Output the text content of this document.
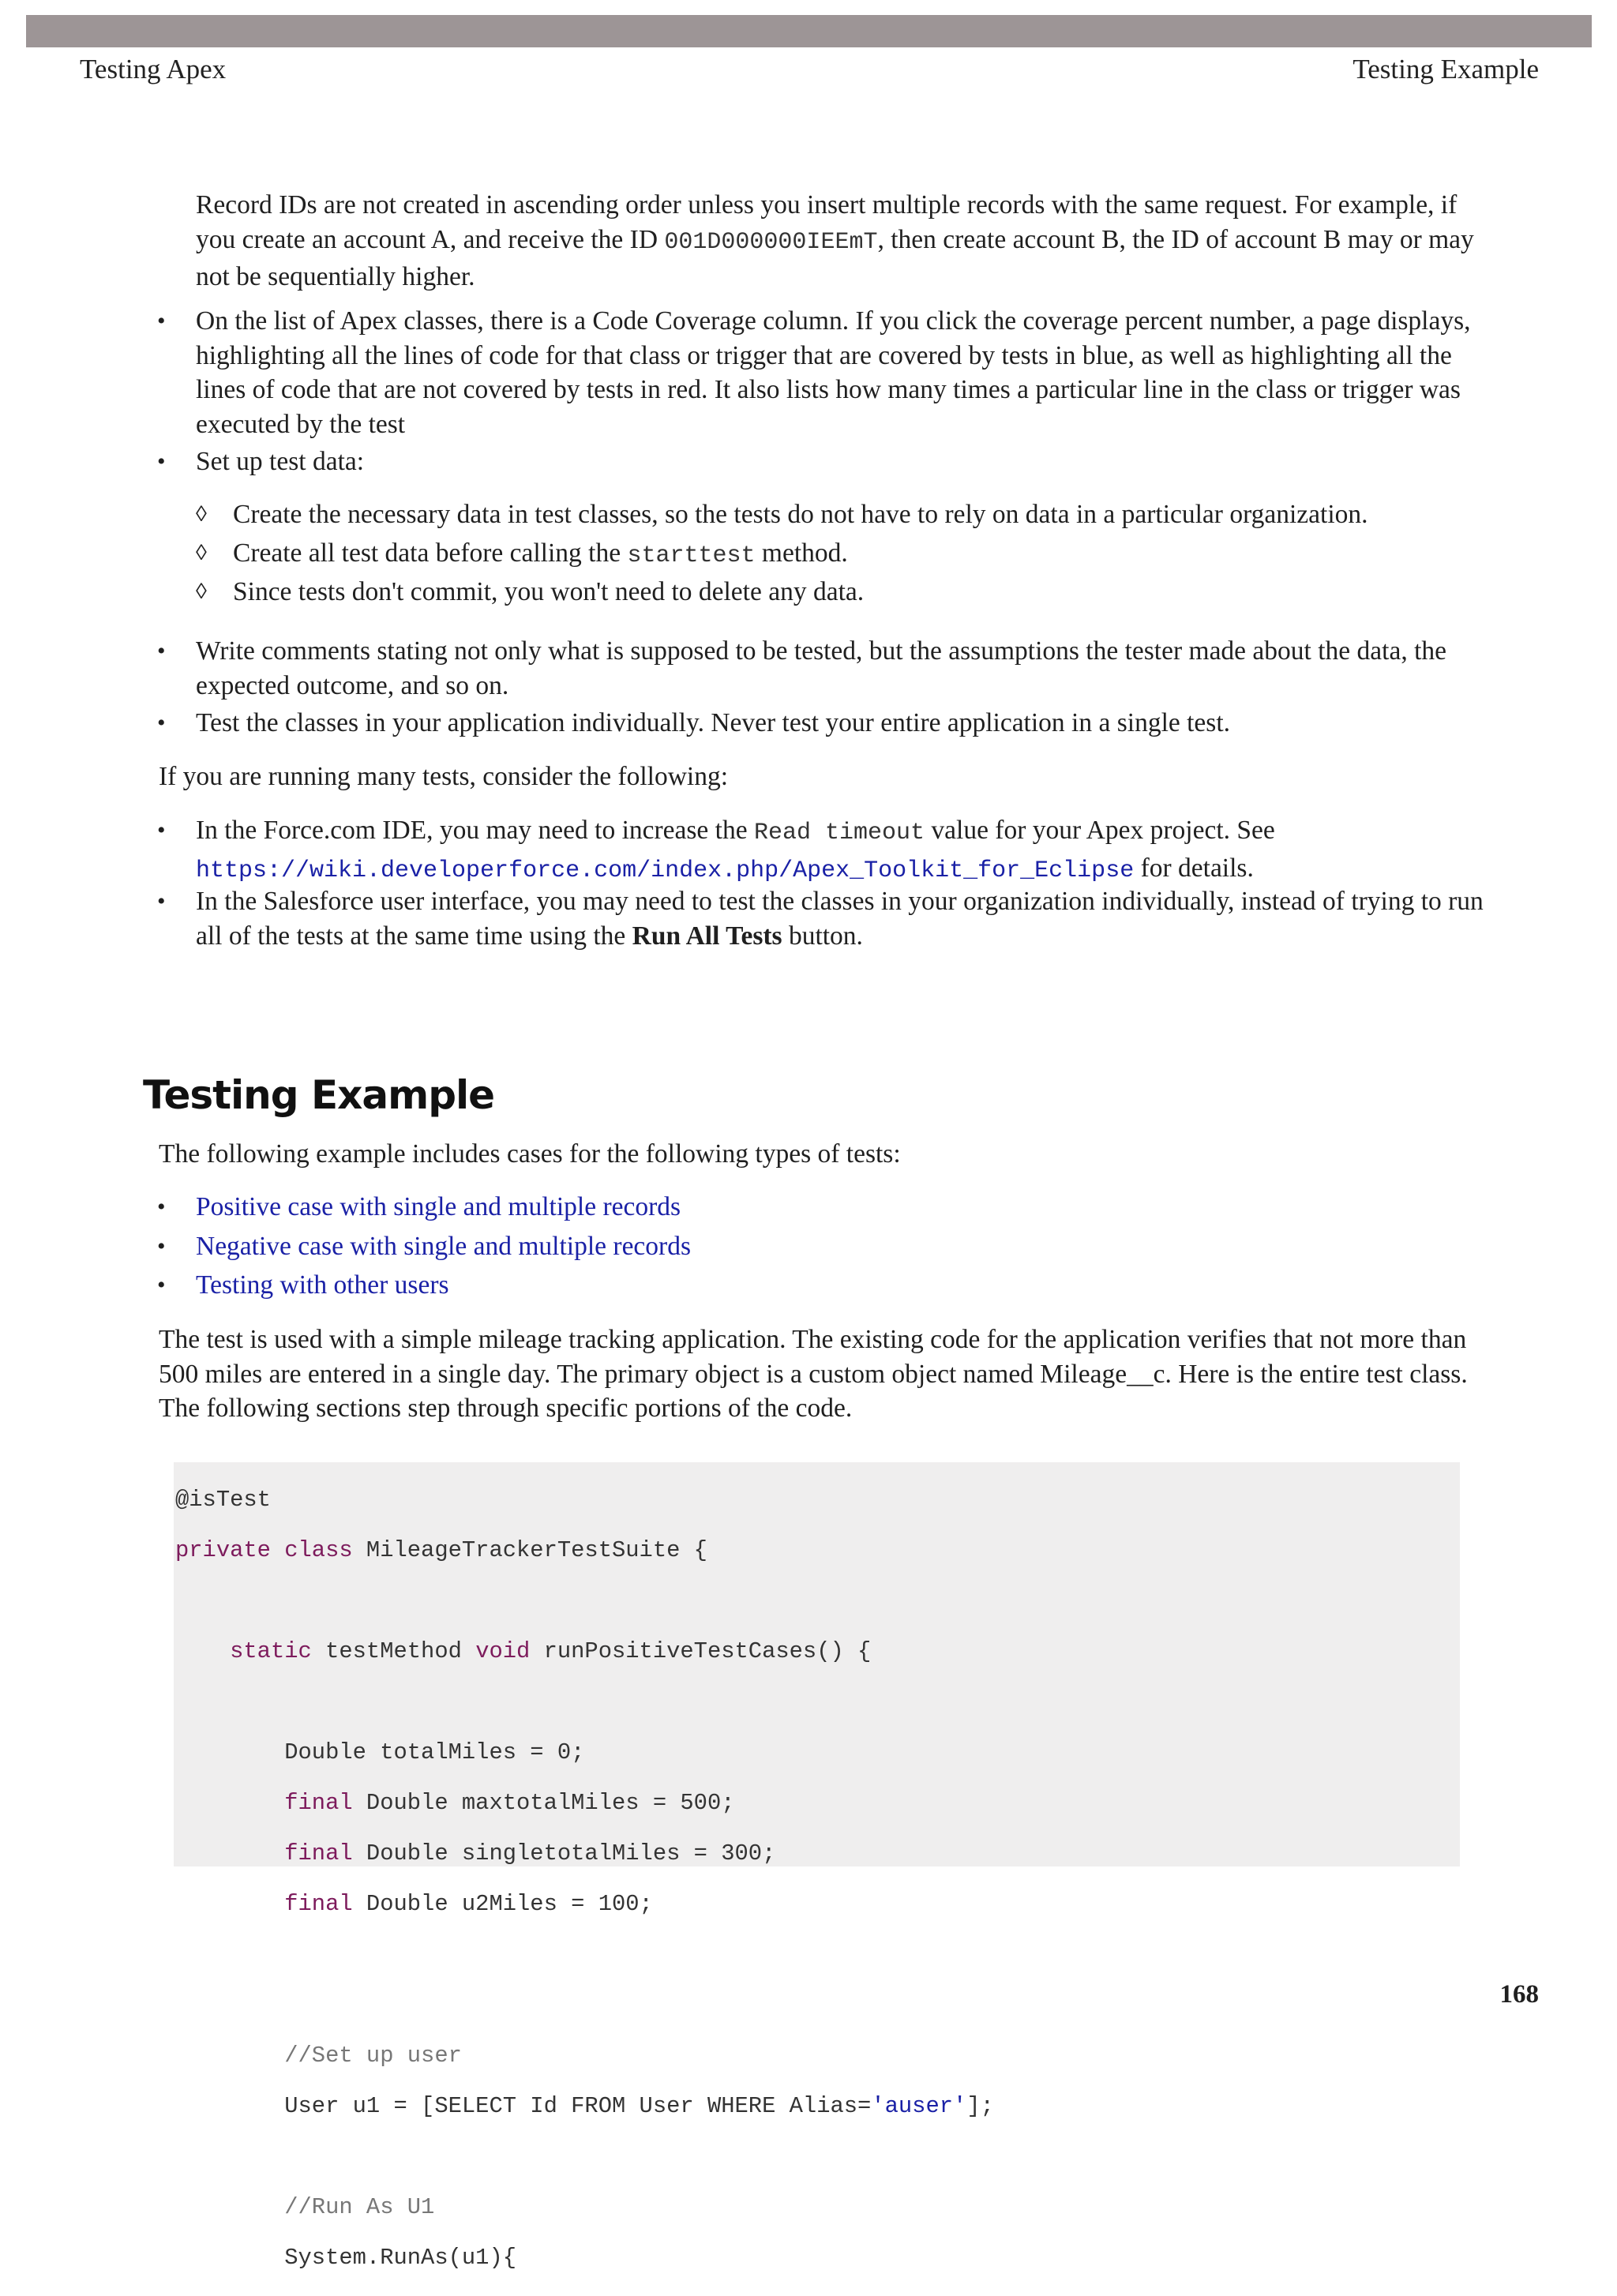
Testing Apex	Testing Example
Record IDs are not created in ascending order unless you insert multiple records with the same request. For example, if
you create an account A, and receive the ID 001D000000IEEmT, then create account B, the ID of account B may or may
not be sequentially higher.
• On the list of Apex classes, there is a Code Coverage column. If you click the coverage percent number, a page displays,
highlighting all the lines of code for that class or trigger that are covered by tests in blue, as well as highlighting all the
lines of code that are not covered by tests in red. It also lists how many times a particular line in the class or trigger was
executed by the test
• Set up test data:
◊ Create the necessary data in test classes, so the tests do not have to rely on data in a particular organization.
◊ Create all test data before calling the starttest method.
◊ Since tests don't commit, you won't need to delete any data.
• Write comments stating not only what is supposed to be tested, but the assumptions the tester made about the data, the
expected outcome, and so on.
• Test the classes in your application individually. Never test your entire application in a single test.
If you are running many tests, consider the following:
• In the Force.com IDE, you may need to increase the Read timeout value for your Apex project. See
https://wiki.developerforce.com/index.php/Apex_Toolkit_for_Eclipse for details.
• In the Salesforce user interface, you may need to test the classes in your organization individually, instead of trying to run
all of the tests at the same time using the Run All Tests button.
Testing Example
The following example includes cases for the following types of tests:
• Positive case with single and multiple records
• Negative case with single and multiple records
• Testing with other users
The test is used with a simple mileage tracking application. The existing code for the application verifies that not more than
500 miles are entered in a single day. The primary object is a custom object named Mileage__c. Here is the entire test class.
The following sections step through specific portions of the code.

@isTest

private class MileageTrackerTestSuite {

static testMethod void runPositiveTestCases() {

Double totalMiles = 0;

final Double maxtotalMiles = 500;

final Double singletotalMiles = 300;

final Double u2Miles = 100;

//Set up user

User u1 = [SELECT Id FROM User WHERE Alias='auser'];

//Run As U1

System.RunAs(u1){

168
